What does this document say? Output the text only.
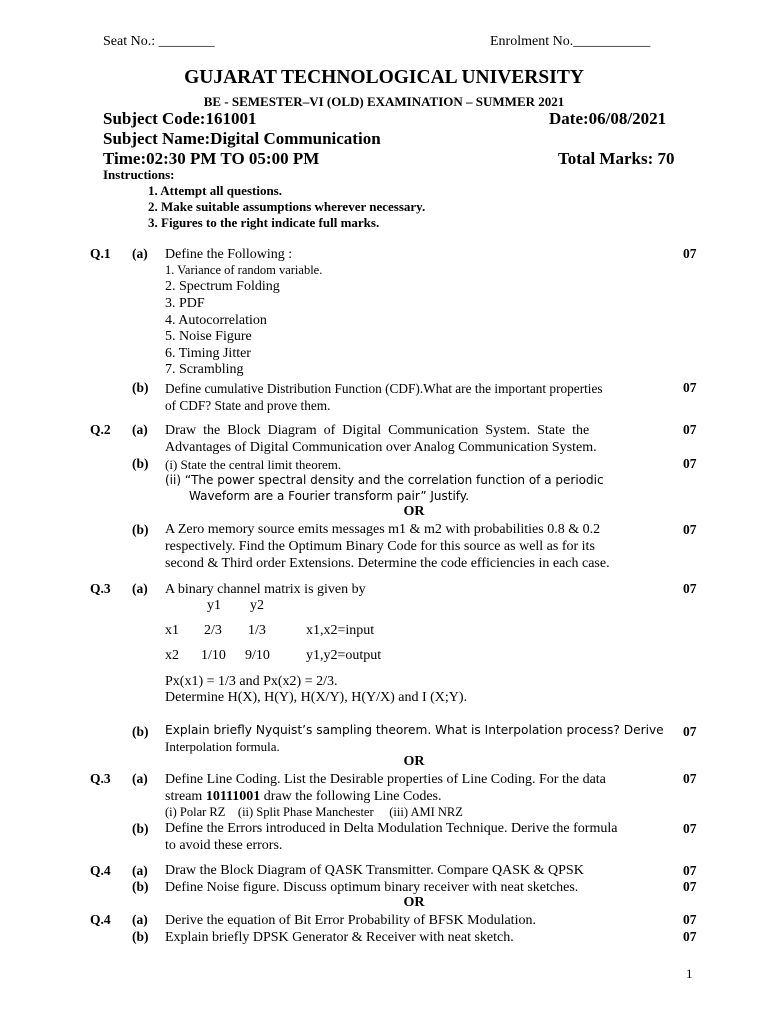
Seat No.: ________	Enrolment No.___________
GUJARAT TECHNOLOGICAL UNIVERSITY
BE - SEMESTER–VI (OLD) EXAMINATION – SUMMER 2021
Subject Code:161001	Date:06/08/2021
Subject Name:Digital Communication
Time:02:30 PM TO 05:00 PM	Total Marks: 70
Instructions:
1. Attempt all questions.
2. Make suitable assumptions wherever necessary.
3. Figures to the right indicate full marks.
Q.1 (a) Define the Following :	07
1. Variance of random variable.
2. Spectrum Folding
3. PDF
4. Autocorrelation
5. Noise Figure
6. Timing Jitter
7. Scrambling
(b) Define cumulative Distribution Function (CDF).What are the important properties
of CDF? State and prove them.
07
Q.2 (a) Draw  the  Block  Diagram  of  Digital  Communication  System.  State  the
Advantages of Digital Communication over Analog Communication System.
07
(b) (i) State the central limit theorem.
(ii) “The power spectral density and the correlation function of a periodic
Waveform are a Fourier transform pair” Justify.
07
OR
(b) A Zero memory source emits messages m1 & m2 with probabilities 0.8 & 0.2
respectively. Find the Optimum Binary Code for this source as well as for its
second & Third order Extensions. Determine the code efficiencies in each case.
07
Q.3 (a) A binary channel matrix is given by	07
y1 y2
x1 2/3 1/3	x1,x2=input
x2 1/10 9/10	y1,y2=output
Px(x1) = 1/3 and Px(x2) = 2/3.
Determine H(X), H(Y), H(X/Y), H(Y/X) and I (X;Y).
(b) Explain briefly Nyquist’s sampling theorem. What is Interpolation process? Derive
Interpolation formula.
07
OR
Q.3 (a) Define Line Coding. List the Desirable properties of Line Coding. For the data
stream 10111001 draw the following Line Codes.
(i) Polar RZ    (ii) Split Phase Manchester     (iii) AMI NRZ
07
(b) Define the Errors introduced in Delta Modulation Technique. Derive the formula
to avoid these errors.
07
Q.4 (a) Draw the Block Diagram of QASK Transmitter. Compare QASK & QPSK	07
(b) Define Noise figure. Discuss optimum binary receiver with neat sketches.	07
OR
Q.4 (a) Derive the equation of Bit Error Probability of BFSK Modulation.	07
(b) Explain briefly DPSK Generator & Receiver with neat sketch.	07
1
